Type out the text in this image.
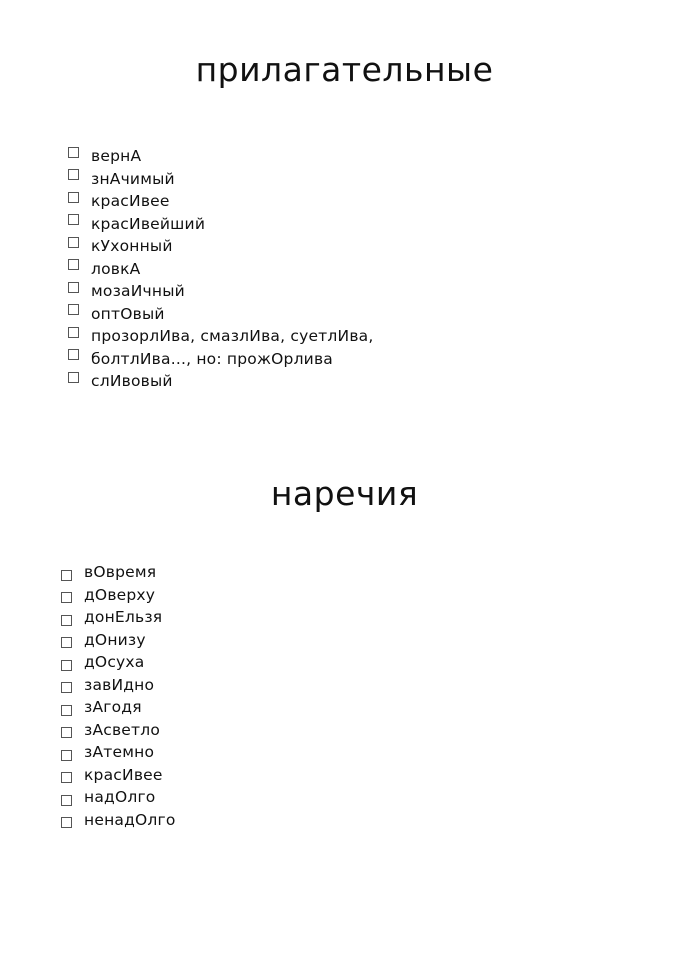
прилагательные
вернА
знАчимый
красИвее
красИвейший
кУхонный
ловкА
мозаИчный
оптОвый
прозорлИва, смазлИва, суетлИва,
болтлИва..., но: прожОрлива
слИвовый
наречия
вОвремя
дОверху
донЕльзя
дОнизу
дОсуха
завИдно
зАгодя
зАсветло
зАтемно
красИвее
надОлго
ненадОлго
